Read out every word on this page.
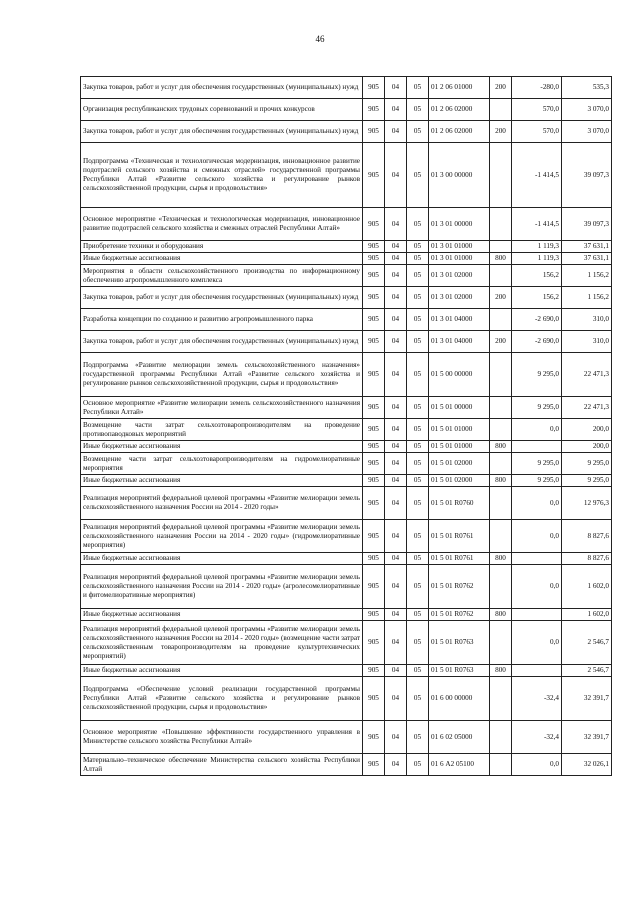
46
Закупка товаров, работ и услуг для обеспечения государственных (муниципальных) нужд	905	04	05	01 2 06 01000	200	-280,0	535,3
Организация республиканских трудовых соревнований и прочих конкурсов	905	04	05	01 2 06 02000		570,0	3 070,0
Закупка товаров, работ и услуг для обеспечения государственных (муниципальных) нужд	905	04	05	01 2 06 02000	200	570,0	3 070,0
Подпрограмма «Техническая и технологическая модернизация, инновационное развитие подотраслей сельского хозяйства и смежных отраслей» государственной программы Республики Алтай «Развитие сельского хозяйства и регулирование рынков сельскохозяйственной продукции, сырья и продовольствия»	905	04	05	01 3 00 00000		-1 414,5	39 097,3
Основное мероприятие «Техническая и технологическая модернизация, инновационное развитие подотраслей сельского хозяйства и смежных отраслей Республики Алтай»	905	04	05	01 3 01 00000		-1 414,5	39 097,3
Приобретение техники и оборудования	905	04	05	01 3 01 01000		1 119,3	37 631,1
Иные бюджетные ассигнования	905	04	05	01 3 01 01000	800	1 119,3	37 631,1
Мероприятия в области сельскохозяйственного производства по информационному обеспечению агропромышленного комплекса	905	04	05	01 3 01 02000		156,2	1 156,2
Закупка товаров, работ и услуг для обеспечения государственных (муниципальных) нужд	905	04	05	01 3 01 02000	200	156,2	1 156,2
Разработка концепции по созданию и развитию агропромышленного парка	905	04	05	01 3 01 04000		-2 690,0	310,0
Закупка товаров, работ и услуг для обеспечения государственных (муниципальных) нужд	905	04	05	01 3 01 04000	200	-2 690,0	310,0
Подпрограмма «Развитие мелиорации земель сельскохозяйственного назначения» государственной программы Республики Алтай «Развитие сельского хозяйства и регулирование рынков сельскохозяйственной продукции, сырья и продовольствия»	905	04	05	01 5 00 00000		9 295,0	22 471,3
Основное мероприятие «Развитие мелиорации земель сельскохозяйственного назначения Республики Алтай»	905	04	05	01 5 01 00000		9 295,0	22 471,3
Возмещение части затрат сельхозтоваропроизводителям на проведение противопаводковых мероприятий	905	04	05	01 5 01 01000		0,0	200,0
Иные бюджетные ассигнования	905	04	05	01 5 01 01000	800		200,0
Возмещение части затрат сельхозтоваропроизводителям на гидромелиоративные мероприятия	905	04	05	01 5 01 02000		9 295,0	9 295,0
Иные бюджетные ассигнования	905	04	05	01 5 01 02000	800	9 295,0	9 295,0
Реализация мероприятий федеральной целевой программы «Развитие мелиорации земель сельскохозяйственного назначения России на 2014 - 2020 годы»	905	04	05	01 5 01 R0760		0,0	12 976,3
Реализация мероприятий федеральной целевой программы «Развитие мелиорации земель сельскохозяйственного назначения России на 2014 - 2020 годы» (гидромелиоративные мероприятия)	905	04	05	01 5 01 R0761		0,0	8 827,6
Иные бюджетные ассигнования	905	04	05	01 5 01 R0761	800		8 827,6
Реализация мероприятий федеральной целевой программы «Развитие мелиорации земель сельскохозяйственного назначения России на 2014 - 2020 годы» (агролесомелиоративные и фитомелиоративные мероприятия)	905	04	05	01 5 01 R0762		0,0	1 602,0
Иные бюджетные ассигнования	905	04	05	01 5 01 R0762	800		1 602,0
Реализация мероприятий федеральной целевой программы «Развитие мелиорации земель сельскохозяйственного назначения России на 2014 - 2020 годы» (возмещение части затрат сельскохозяйственным товаропроизводителям на проведение культуртехнических мероприятий)	905	04	05	01 5 01 R0763		0,0	2 546,7
Иные бюджетные ассигнования	905	04	05	01 5 01 R0763	800		2 546,7
Подпрограмма «Обеспечение условий реализации государственной программы Республики Алтай «Развитие сельского хозяйства и регулирование рынков сельскохозяйственной продукции, сырья и продовольствия»	905	04	05	01 6 00 00000		-32,4	32 391,7
Основное мероприятие «Повышение эффективности государственного управления в Министерстве сельского хозяйства Республики Алтай»	905	04	05	01 6 02 05000		-32,4	32 391,7
Материально–техническое обеспечение Министерства сельского хозяйства Республики Алтай	905	04	05	01 6 А2 05100		0,0	32 026,1
